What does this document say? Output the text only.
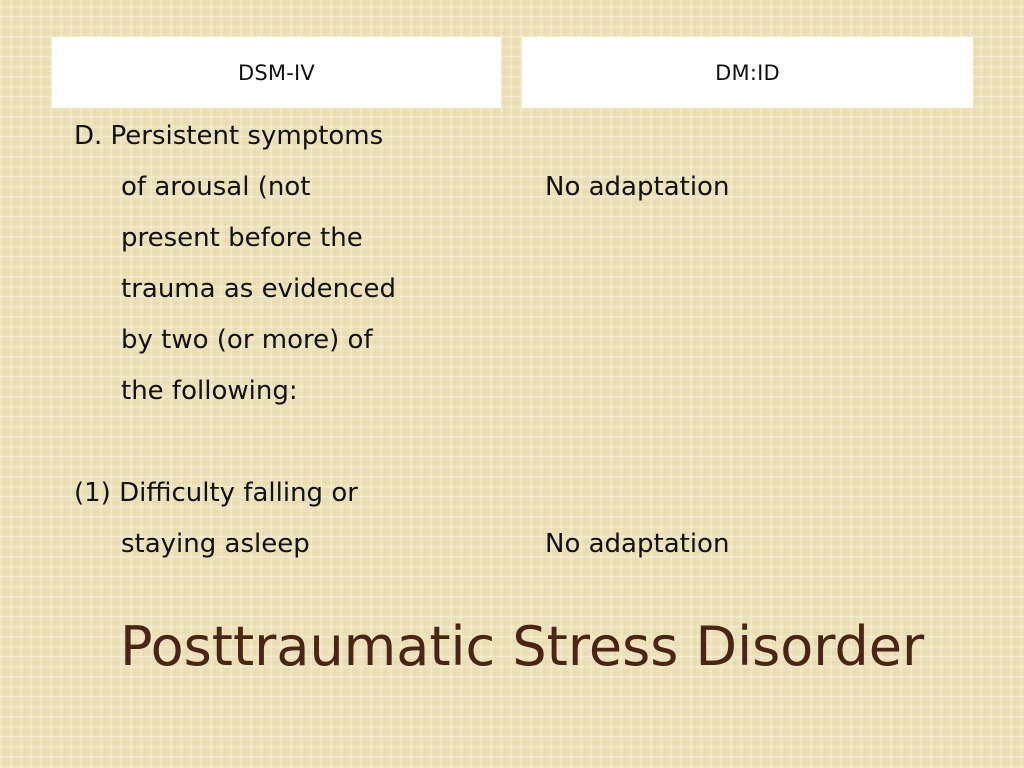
DSM-IV	DM:ID
D. Persistent symptoms
of arousal (not
present before the
trauma as evidenced
by two (or more) of
the following:
(1) Difficulty falling or
staying asleep
No adaptation
No adaptation
Posttraumatic Stress Disorder
